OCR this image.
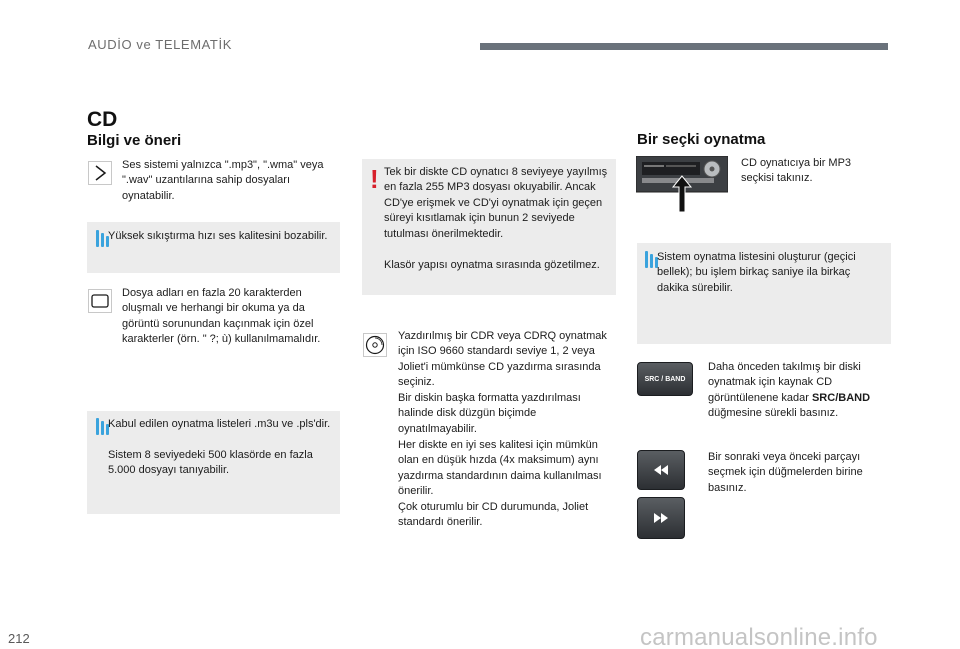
AUDİO ve TELEMATİK
CD
Bilgi ve öneri
Ses sistemi yalnızca ".mp3", ".wma" veya ".wav" uzantılarına sahip dosyaları oynatabilir.
Yüksek sıkıştırma hızı ses kalitesini bozabilir.
Dosya adları en fazla 20 karakterden oluşmalı ve herhangi bir okuma ya da görüntü sorunundan kaçınmak için özel karakterler (örn. " ?; ù) kullanılmamalıdır.
Kabul edilen oynatma listeleri .m3u ve .pls'dir.
Sistem 8 seviyedeki 500 klasörde en fazla 5.000 dosyayı tanıyabilir.
! Tek bir diskte CD oynatıcı 8 seviyeye yayılmış en fazla 255 MP3 dosyası okuyabilir. Ancak CD'ye erişmek ve CD'yi oynatmak için geçen süreyi kısıtlamak için bunun 2 seviyede tutulması önerilmektedir.
Klasör yapısı oynatma sırasında gözetilmez.
Yazdırılmış bir CDR veya CDRQ oynatmak için ISO 9660 standardı seviye 1, 2 veya Joliet'i mümkünse CD yazdırma sırasında seçiniz.
Bir diskin başka formatta yazdırılması halinde disk düzgün biçimde oynatılmayabilir.
Her diskte en iyi ses kalitesi için mümkün olan en düşük hızda (4x maksimum) aynı yazdırma standardının daima kullanılması önerilir.
Çok oturumlu bir CD durumunda, Joliet standardı önerilir.
Bir seçki oynatma
CD oynatıcıya bir MP3 seçkisi takınız.
Sistem oynatma listesini oluşturur (geçici bellek); bu işlem birkaç saniye ila birkaç dakika sürebilir.
SRC / BAND
Daha önceden takılmış bir diski oynatmak için kaynak CD görüntülenene kadar SRC/BAND düğmesine sürekli basınız.
Bir sonraki veya önceki parçayı seçmek için düğmelerden birine basınız.
212	carmanualsonline.info
